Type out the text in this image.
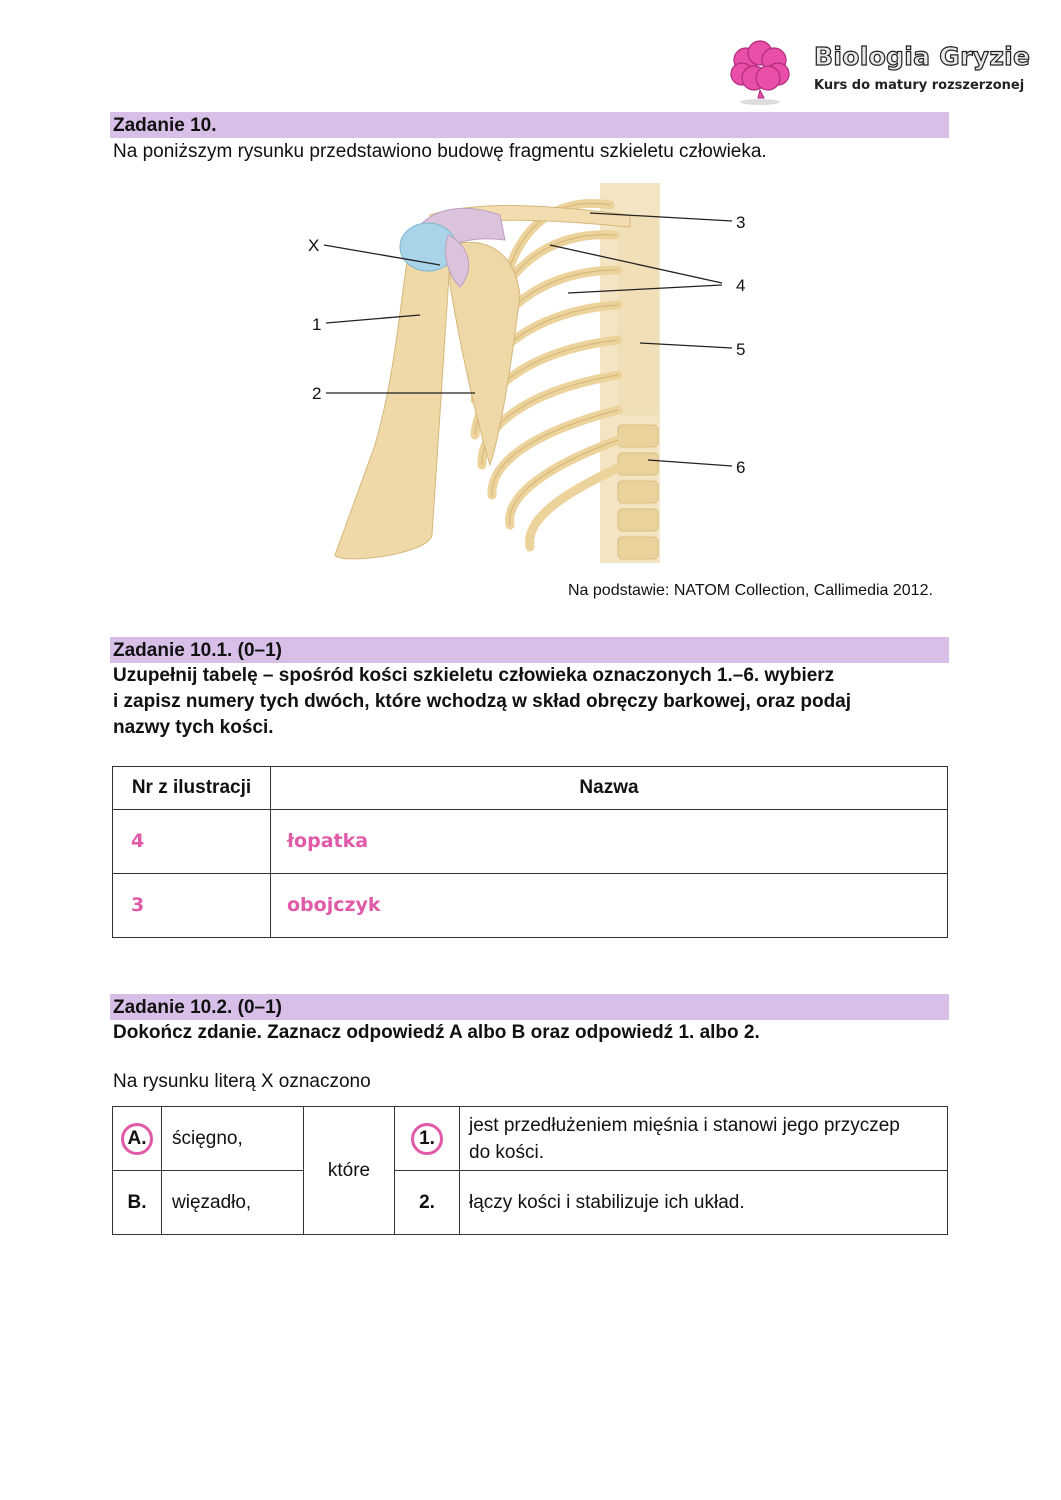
Biologia Gryzie
Kurs do matury rozszerzonej
Zadanie 10.
Na poniższym rysunku przedstawiono budowę fragmentu szkieletu człowieka.
X
1
2
3
4
5
6
Na podstawie: NATOM Collection, Callimedia 2012.
Zadanie 10.1. (0–1)
Uzupełnij tabelę – spośród kości szkieletu człowieka oznaczonych 1.–6. wybierz
i zapisz numery tych dwóch, które wchodzą w skład obręczy barkowej, oraz podaj
nazwy tych kości.
Nr z ilustracji	Nazwa
4	łopatka
3	obojczyk
Zadanie 10.2. (0–1)
Dokończ zdanie. Zaznacz odpowiedź A albo B oraz odpowiedź 1. albo 2.
Na rysunku literą X oznaczono
A.	ścięgno,	które	1.	jest przedłużeniem mięśnia i stanowi jego przyczep
do kości.

B.	więzadło,		2.	łączy kości i stabilizuje ich układ.
